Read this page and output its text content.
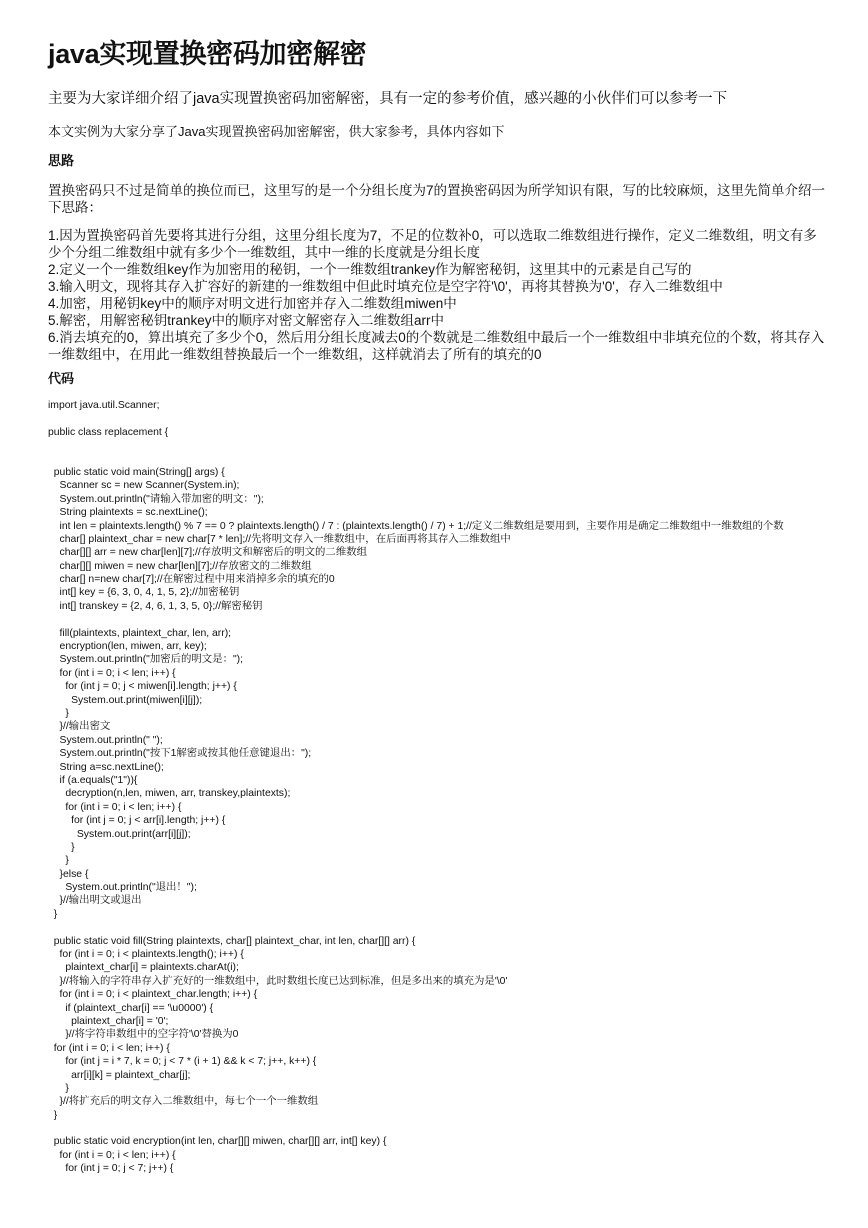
java实现置换密码加密解密
主要为大家详细介绍了java实现置换密码加密解密，具有一定的参考价值，感兴趣的小伙伴们可以参考一下
本文实例为大家分享了Java实现置换密码加密解密，供大家参考，具体内容如下
思路
置换密码只不过是简单的换位而已，这里写的是一个分组长度为7的置换密码因为所学知识有限，写的比较麻烦，这里先简单介绍一下思路：
1.因为置换密码首先要将其进行分组，这里分组长度为7，不足的位数补0，可以选取二维数组进行操作，定义二维数组，明文有多少个分组二维数组中就有多少个一维数组，其中一维的长度就是分组长度
2.定义一个一维数组key作为加密用的秘钥，一个一维数组trankey作为解密秘钥，这里其中的元素是自己写的
3.输入明文，现将其存入扩容好的新建的一维数组中但此时填充位是空字符'\0'，再将其替换为'0'，存入二维数组中
4.加密，用秘钥key中的顺序对明文进行加密并存入二维数组miwen中
5.解密，用解密秘钥trankey中的顺序对密文解密存入二维数组arr中
6.消去填充的0，算出填充了多少个0，然后用分组长度减去0的个数就是二维数组中最后一个一维数组中非填充位的个数，将其存入一维数组中，在用此一维数组替换最后一个一维数组，这样就消去了所有的填充的0
代码
import java.util.Scanner;
public class replacement {
public static void main(String[] args) {
Scanner sc = new Scanner(System.in);
System.out.println("请输入带加密的明文：");
String plaintexts = sc.nextLine();
int len = plaintexts.length() % 7 == 0 ? plaintexts.length() / 7 : (plaintexts.length() / 7) + 1;//定义二维数组是要用到，主要作用是确定二维数组中一维数组的个数
char[] plaintext_char = new char[7 * len];//先将明文存入一维数组中，在后面再将其存入二维数组中
char[][] arr = new char[len][7];//存放明文和解密后的明文的二维数组
char[][] miwen = new char[len][7];//存放密文的二维数组
char[] n=new char[7];//在解密过程中用来消掉多余的填充的0
int[] key = {6, 3, 0, 4, 1, 5, 2};//加密秘钥
int[] transkey = {2, 4, 6, 1, 3, 5, 0};//解密秘钥
fill(plaintexts, plaintext_char, len, arr);
encryption(len, miwen, arr, key);
System.out.println("加密后的明文是：");
for (int i = 0; i < len; i++) {
for (int j = 0; j < miwen[i].length; j++) {
System.out.print(miwen[i][j]);
}
}//输出密文
System.out.println(" ");
System.out.println("按下1解密或按其他任意键退出：");
String a=sc.nextLine();
if (a.equals("1")){
decryption(n,len, miwen, arr, transkey,plaintexts);
for (int i = 0; i < len; i++) {
for (int j = 0; j < arr[i].length; j++) {
System.out.print(arr[i][j]);
}
}
}else {
System.out.println("退出！");
}//输出明文或退出
}
public static void fill(String plaintexts, char[] plaintext_char, int len, char[][] arr) {
for (int i = 0; i < plaintexts.length(); i++) {
plaintext_char[i] = plaintexts.charAt(i);
}//将输入的字符串存入扩充好的一维数组中，此时数组长度已达到标准，但是多出来的填充为是'\0'
for (int i = 0; i < plaintext_char.length; i++) {
if (plaintext_char[i] == '\u0000') {
plaintext_char[i] = '0';
}//将字符串数组中的空字符'\0'替换为0
for (int i = 0; i < len; i++) {
for (int j = i * 7, k = 0; j < 7 * (i + 1) && k < 7; j++, k++) {
arr[i][k] = plaintext_char[j];
}
}//将扩充后的明文存入二维数组中，每七个一个一维数组
}
public static void encryption(int len, char[][] miwen, char[][] arr, int[] key) {
for (int i = 0; i < len; i++) {
for (int j = 0; j < 7; j++) {
